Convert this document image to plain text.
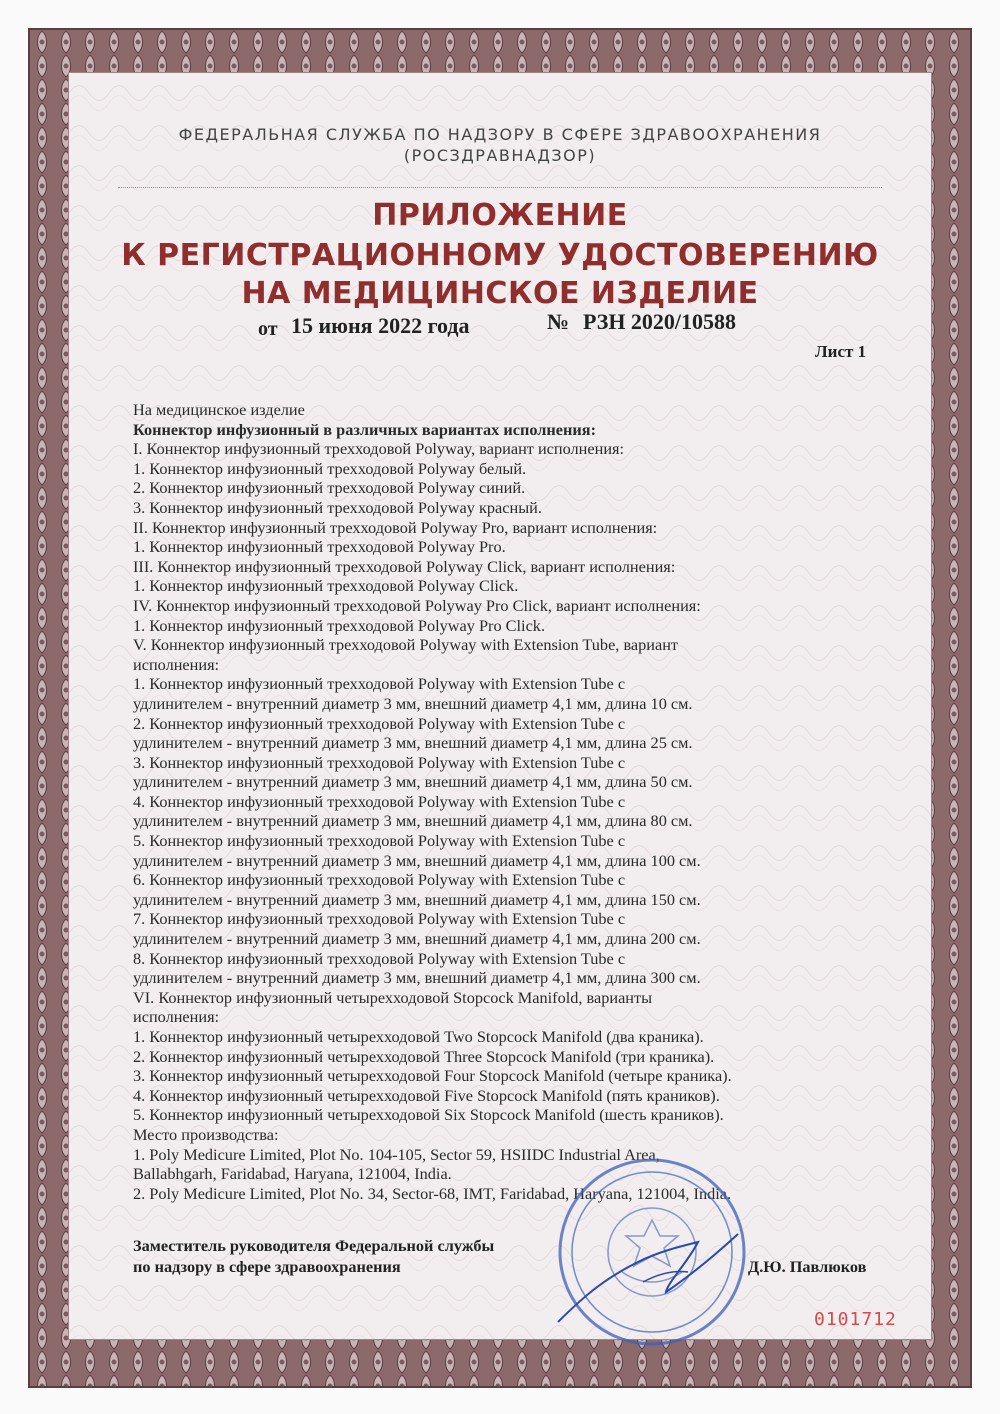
ФЕДЕРАЛЬНАЯ СЛУЖБА ПО НАДЗОРУ В СФЕРЕ ЗДРАВООХРАНЕНИЯ
(РОСЗДРАВНАДЗОР)
ПРИЛОЖЕНИЕ
К РЕГИСТРАЦИОННОМУ УДОСТОВЕРЕНИЮ
НА МЕДИЦИНСКОЕ ИЗДЕЛИЕ
от 15 июня 2022 года	№ РЗН 2020/10588
Лист 1
На медицинское изделие
Коннектор инфузионный в различных вариантах исполнения:
I. Коннектор инфузионный трехходовой Polyway, вариант исполнения:
1. Коннектор инфузионный трехходовой Polyway белый.
2. Коннектор инфузионный трехходовой Polyway синий.
3. Коннектор инфузионный трехходовой Polyway красный.
II. Коннектор инфузионный трехходовой Polyway Pro, вариант исполнения:
1. Коннектор инфузионный трехходовой Polyway Pro.
III. Коннектор инфузионный трехходовой Polyway Click, вариант исполнения:
1. Коннектор инфузионный трехходовой Polyway Click.
IV. Коннектор инфузионный трехходовой Polyway Pro Click, вариант исполнения:
1. Коннектор инфузионный трехходовой Polyway Pro Click.
V. Коннектор инфузионный трехходовой Polyway with Extension Tube, вариант
исполнения:
1. Коннектор инфузионный трехходовой Polyway with Extension Tube с
удлинителем - внутренний диаметр 3 мм, внешний диаметр 4,1 мм, длина 10 см.
2. Коннектор инфузионный трехходовой Polyway with Extension Tube с
удлинителем - внутренний диаметр 3 мм, внешний диаметр 4,1 мм, длина 25 см.
3. Коннектор инфузионный трехходовой Polyway with Extension Tube с
удлинителем - внутренний диаметр 3 мм, внешний диаметр 4,1 мм, длина 50 см.
4. Коннектор инфузионный трехходовой Polyway with Extension Tube с
удлинителем - внутренний диаметр 3 мм, внешний диаметр 4,1 мм, длина 80 см.
5. Коннектор инфузионный трехходовой Polyway with Extension Tube с
удлинителем - внутренний диаметр 3 мм, внешний диаметр 4,1 мм, длина 100 см.
6. Коннектор инфузионный трехходовой Polyway with Extension Tube с
удлинителем - внутренний диаметр 3 мм, внешний диаметр 4,1 мм, длина 150 см.
7. Коннектор инфузионный трехходовой Polyway with Extension Tube с
удлинителем - внутренний диаметр 3 мм, внешний диаметр 4,1 мм, длина 200 см.
8. Коннектор инфузионный трехходовой Polyway with Extension Tube с
удлинителем - внутренний диаметр 3 мм, внешний диаметр 4,1 мм, длина 300 см.
VI. Коннектор инфузионный четырехходовой Stopcock Manifold, варианты
исполнения:
1. Коннектор инфузионный четырехходовой Two Stopcock Manifold (два краника).
2. Коннектор инфузионный четырехходовой Three Stopcock Manifold (три краника).
3. Коннектор инфузионный четырехходовой Four Stopcock Manifold (четыре краника).
4. Коннектор инфузионный четырехходовой Five Stopcock Manifold (пять краников).
5. Коннектор инфузионный четырехходовой Six Stopcock Manifold (шесть краников).
Место производства:
1. Poly Medicure Limited, Plot No. 104-105, Sector 59, HSIIDC Industrial Area,
Ballabhgarh, Faridabad, Haryana, 121004, India.
2. Poly Medicure Limited, Plot No. 34, Sector-68, IMT, Faridabad, Haryana, 121004, India.
Заместитель руководителя Федеральной службы
по надзору в сфере здравоохранения	Д.Ю. Павлюков
0101712
